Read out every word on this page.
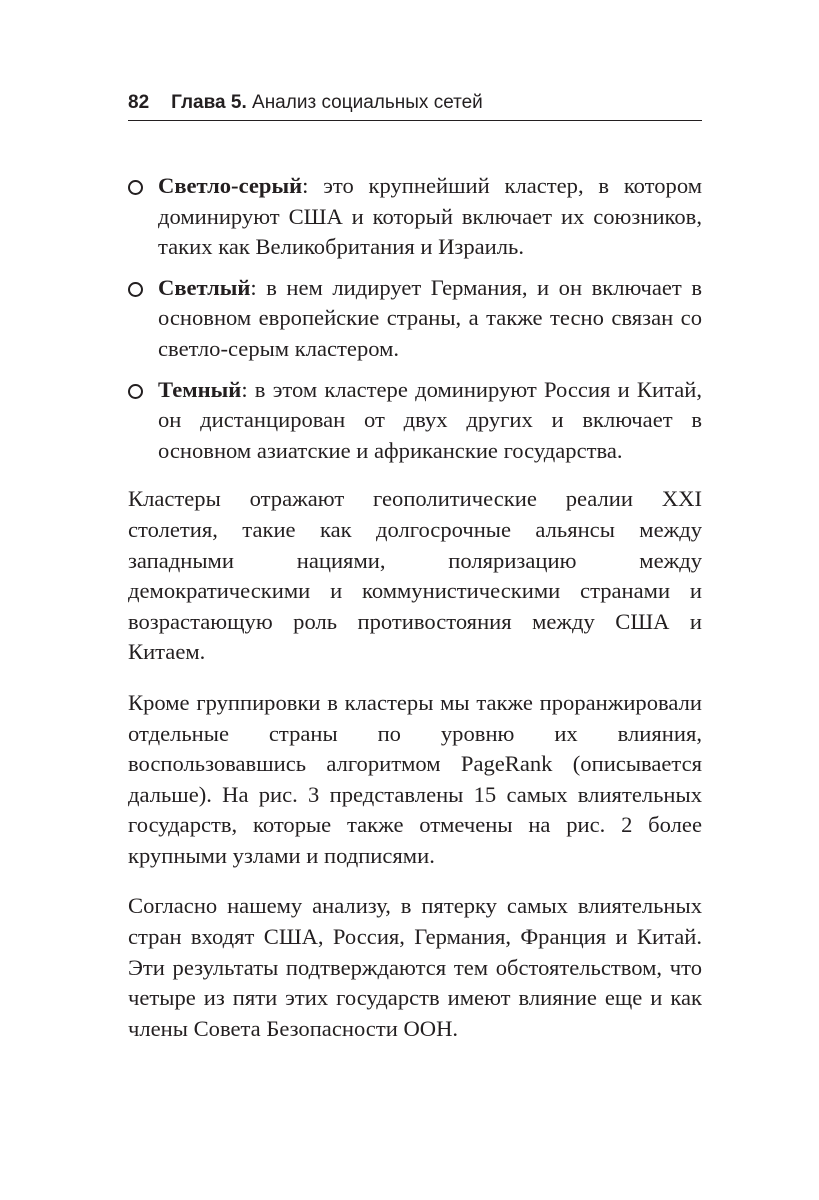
82 Глава 5. Анализ социальных сетей
Светло-серый: это крупнейший кластер, в котором доминируют США и который включает их союзников, таких как Великобритания и Израиль.
Светлый: в нем лидирует Германия, и он включает в основном европейские страны, а также тесно связан со светло-серым кластером.
Темный: в этом кластере доминируют Россия и Китай, он дистанцирован от двух других и включает в основном азиатские и африканские государства.

Кластеры отражают геополитические реалии XXI столетия, такие как долгосрочные альянсы между западными нациями, поляризацию между демократическими и коммунистическими странами и возрастающую роль противостояния между США и Китаем.

Кроме группировки в кластеры мы также проранжировали отдельные страны по уровню их влияния, воспользовавшись алгоритмом PageRank (описывается дальше). На рис. 3 представлены 15 самых влиятельных государств, которые также отмечены на рис. 2 более крупными узлами и подписями.

Согласно нашему анализу, в пятерку самых влиятельных стран входят США, Россия, Германия, Франция и Китай. Эти результаты подтверждаются тем обстоятельством, что четыре из пяти этих государств имеют влияние еще и как члены Совета Безопасности ООН.
